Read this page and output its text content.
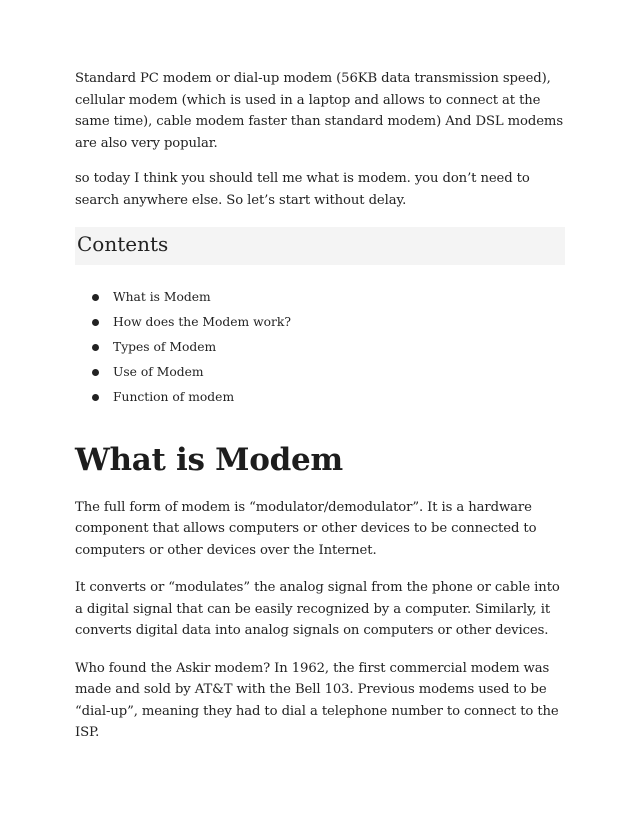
Standard PC modem or dial-up modem (56KB data transmission speed), cellular modem (which is used in a laptop and allows to connect at the same time), cable modem faster than standard modem) And DSL modems are also very popular.

so today I think you should tell me what is modem. you don’t need to search anywhere else. So let’s start without delay.

Contents
What is Modem
How does the Modem work?
Types of Modem
Use of Modem
Function of modem
What is Modem

The full form of modem is “modulator/demodulator”. It is a hardware component that allows computers or other devices to be connected to computers or other devices over the Internet.

It converts or “modulates” the analog signal from the phone or cable into a digital signal that can be easily recognized by a computer. Similarly, it converts digital data into analog signals on computers or other devices.

Who found the Askir modem? In 1962, the first commercial modem was made and sold by AT&T with the Bell 103. Previous modems used to be “dial-up”, meaning they had to dial a telephone number to connect to the ISP.
